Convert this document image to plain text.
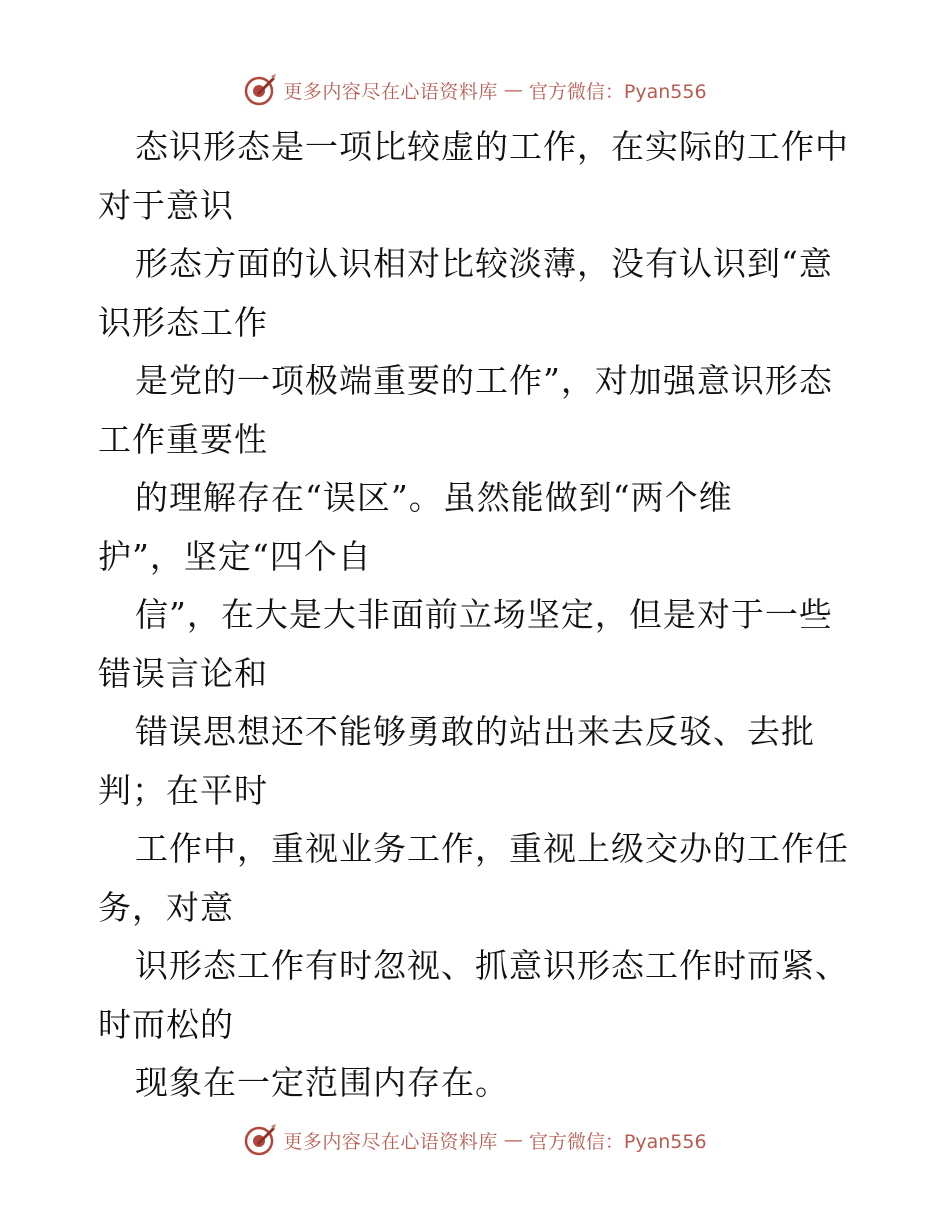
更多内容尽在心语资料库 — 官方微信：Pyan556
态识形态是一项比较虚的工作，在实际的工作中
对于意识
形态方面的认识相对比较淡薄，没有认识到“意
识形态工作
是党的一项极端重要的工作”，对加强意识形态
工作重要性
的理解存在“误区”。虽然能做到“两个维
护”，坚定“四个自
信”，在大是大非面前立场坚定，但是对于一些
错误言论和
错误思想还不能够勇敢的站出来去反驳、去批
判；在平时
工作中，重视业务工作，重视上级交办的工作任
务，对意
识形态工作有时忽视、抓意识形态工作时而紧、
时而松的
现象在一定范围内存在。
更多内容尽在心语资料库 — 官方微信：Pyan556
